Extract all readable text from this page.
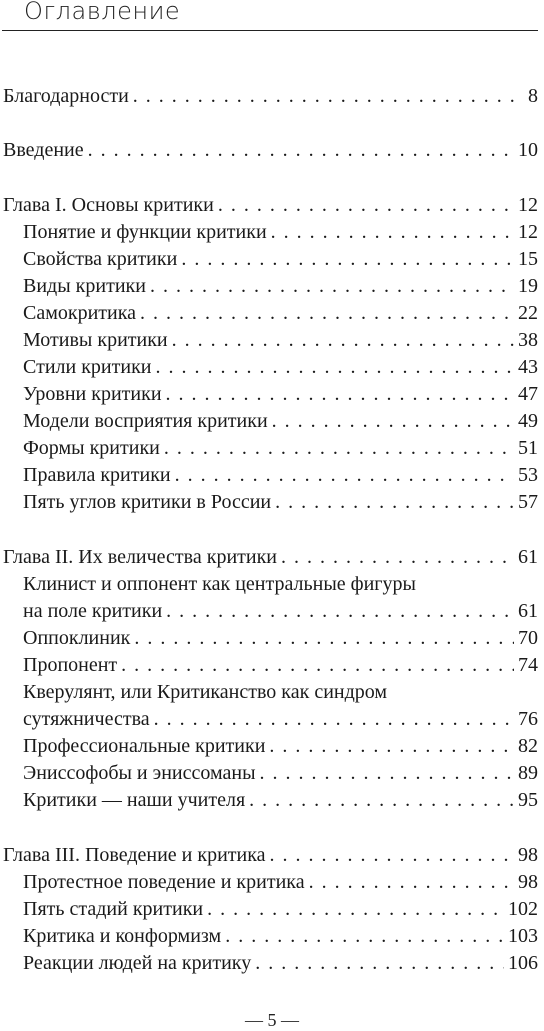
Оглавление
Благодарности . . .	8
Введение . . .	10
Глава I. Основы критики . . .	12
Понятие и функции критики . . .	12
Свойства критики . . .	15
Виды критики . . .	19
Самокритика . . .	22
Мотивы критики . . .	38
Стили критики . . .	43
Уровни критики . . .	47
Модели восприятия критики . . .	49
Формы критики . . .	51
Правила критики . . .	53
Пять углов критики в России . . .	57
Глава II. Их величества критики . . .	61
Клинист и оппонент как центральные фигуры
на поле критики . . .	61
Оппоклиник . . .	70
Пропонент . . .	74
Кверулянт, или Критиканство как синдром
сутяжничества . . .	76
Профессиональные критики . . .	82
Эниссофобы и эниссоманы . . .	89
Критики — наши учителя . . .	95
Глава III. Поведение и критика . . .	98
Протестное поведение и критика . . .	98
Пять стадий критики . . .	102
Критика и конформизм . . .	103
Реакции людей на критику . . .	106
— 5 —
